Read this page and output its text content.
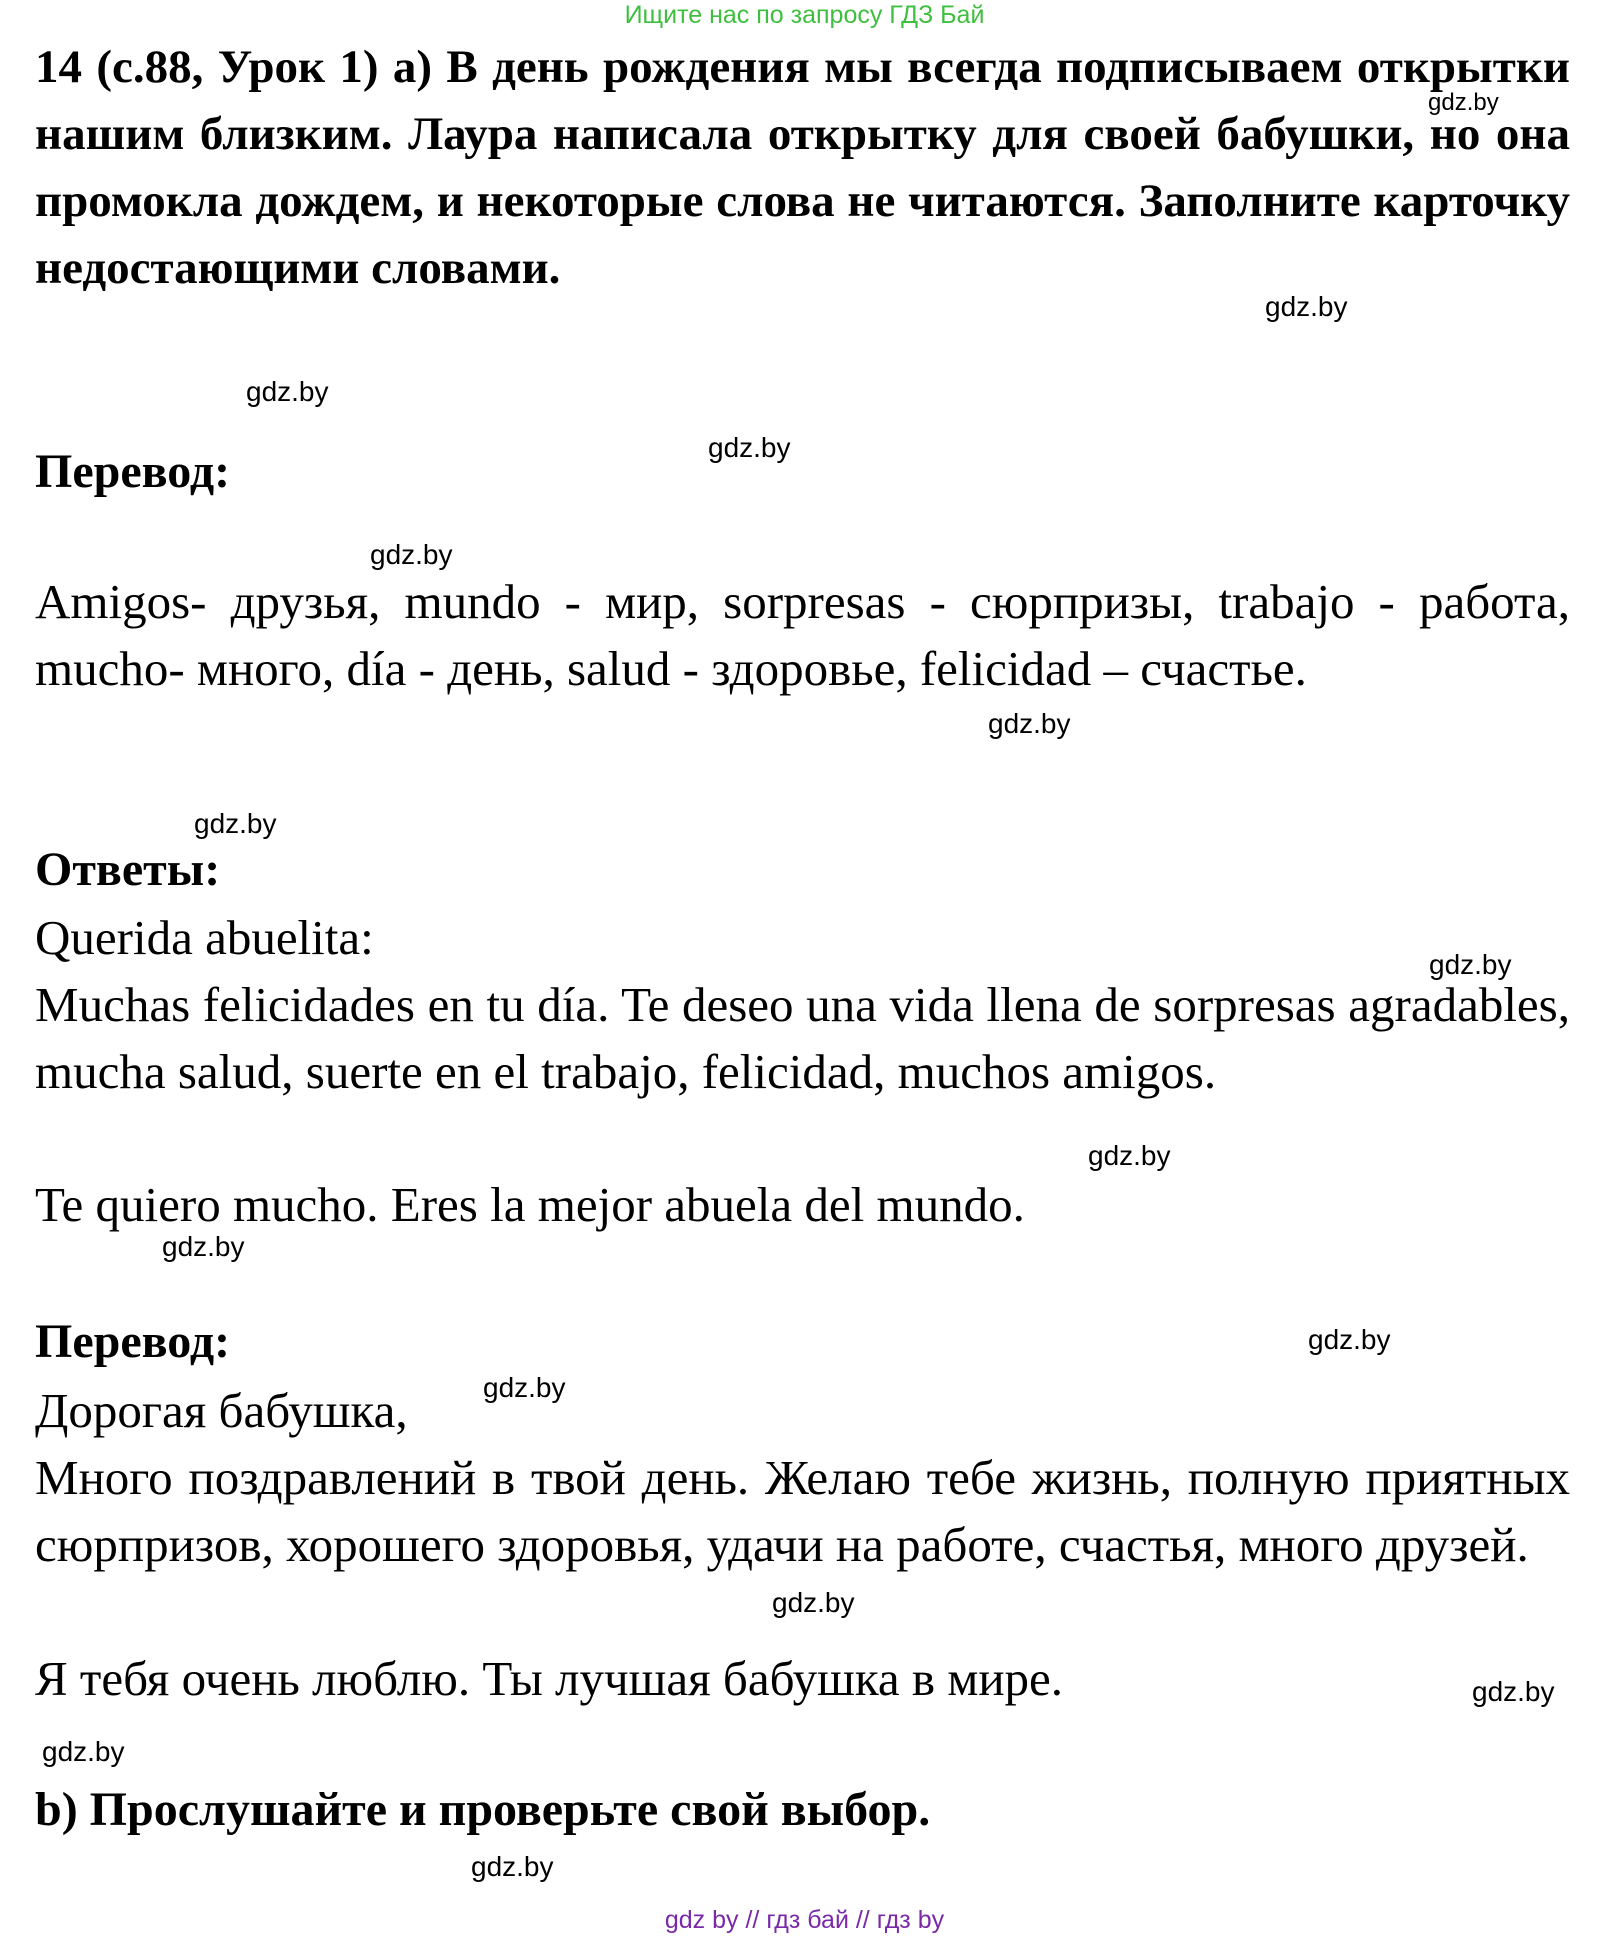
Ищите нас по запросу ГДЗ Бай
14 (с.88, Урок 1) a) В день рождения мы всегда подписываем открытки нашим близким. Лаура написала открытку для своей бабушки, но она промокла дождем, и некоторые слова не читаются. Заполните карточку недостающими словами.
Перевод:
Amigos- друзья, mundo - мир, sorpresas - сюрпризы, trabajo - работа, mucho- много, día - день, salud - здоровье, felicidad – счастье.
Ответы:
Querida abuelita:
Muchas felicidades en tu día. Te deseo una vida llena de sorpresas agradables, mucha salud, suerte en el trabajo, felicidad, muchos amigos.
Te quiero mucho. Eres la mejor abuela del mundo.
Перевод:
Дорогая бабушка,
Много поздравлений в твой день. Желаю тебе жизнь, полную приятных сюрпризов, хорошего здоровья, удачи на работе, счастья, много друзей.
Я тебя очень люблю. Ты лучшая бабушка в мире.
b) Прослушайте и проверьте свой выбор.
gdz.by
gdz.by
gdz.by
gdz.by
gdz.by
gdz.by
gdz.by
gdz.by
gdz.by
gdz.by
gdz.by
gdz.by
gdz.by
gdz.by
gdz.by
gdz.by
gdz by // гдз бай // гдз by
